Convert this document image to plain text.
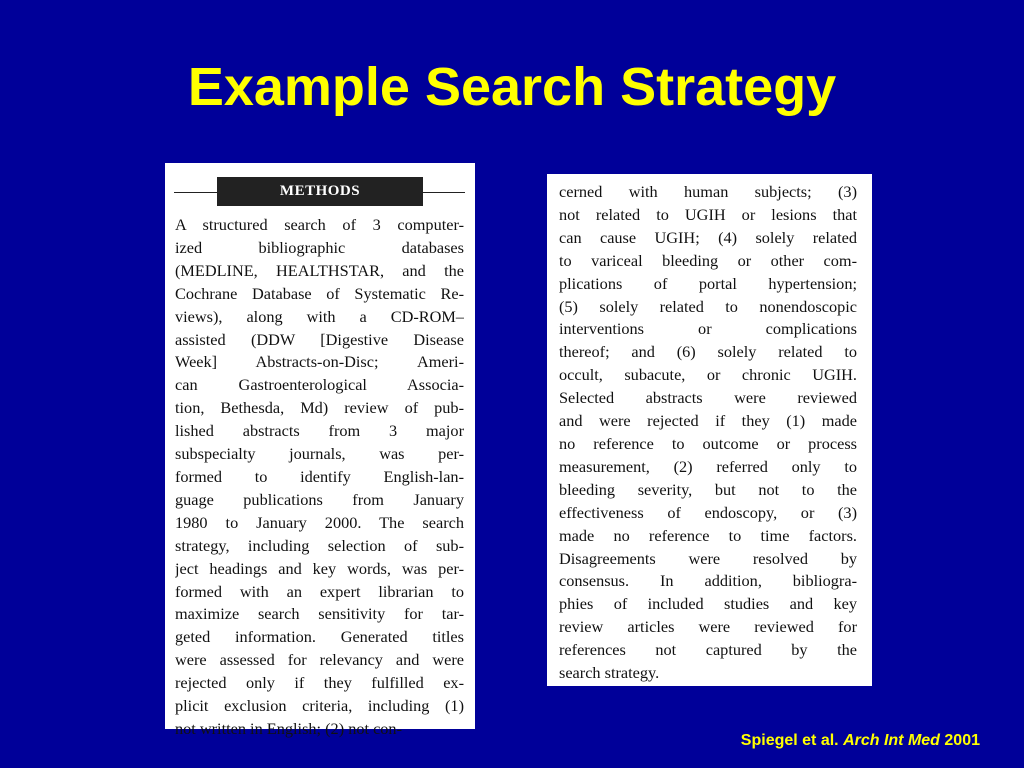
Example Search Strategy
METHODS
A structured search of 3 computer-
ized bibliographic databases
(MEDLINE, HEALTHSTAR, and the
Cochrane Database of Systematic Re-
views), along with a CD-ROM–
assisted (DDW [Digestive Disease
Week] Abstracts-on-Disc; Ameri-
can Gastroenterological Associa-
tion, Bethesda, Md) review of pub-
lished abstracts from 3 major
subspecialty journals, was per-
formed to identify English-lan-
guage publications from January
1980 to January 2000. The search
strategy, including selection of sub-
ject headings and key words, was per-
formed with an expert librarian to
maximize search sensitivity for tar-
geted information. Generated titles
were assessed for relevancy and were
rejected only if they fulfilled ex-
plicit exclusion criteria, including (1)
not written in English; (2) not con-
cerned with human subjects; (3)
not related to UGIH or lesions that
can cause UGIH; (4) solely related
to variceal bleeding or other com-
plications of portal hypertension;
(5) solely related to nonendoscopic
interventions or complications
thereof; and (6) solely related to
occult, subacute, or chronic UGIH.
Selected abstracts were reviewed
and were rejected if they (1) made
no reference to outcome or process
measurement, (2) referred only to
bleeding severity, but not to the
effectiveness of endoscopy, or (3)
made no reference to time factors.
Disagreements were resolved by
consensus. In addition, bibliogra-
phies of included studies and key
review articles were reviewed for
references not captured by the
search strategy.
Spiegel et al. Arch Int Med 2001
